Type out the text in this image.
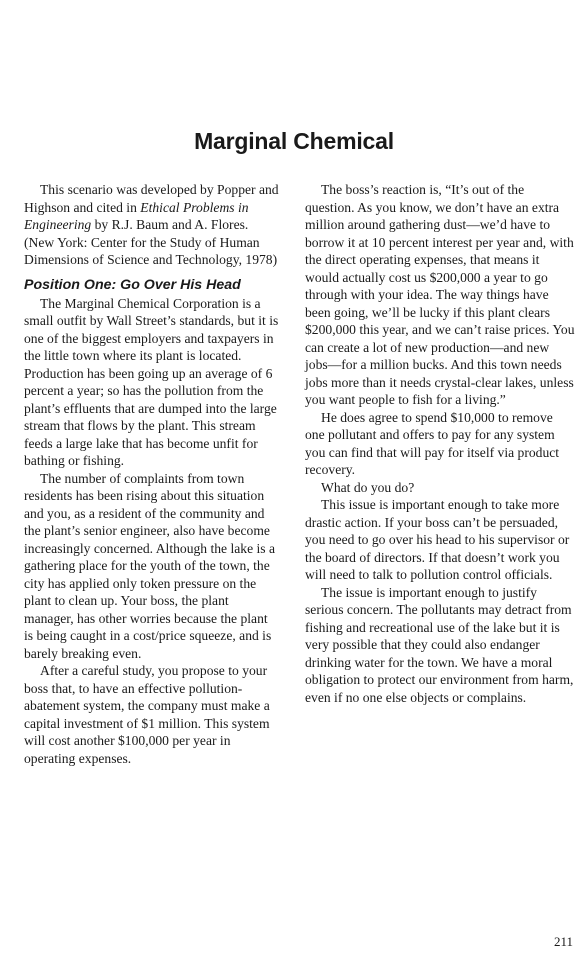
Marginal Chemical

This scenario was developed by Popper and Highson and cited in Ethical Problems in Engineering by R.J. Baum and A. Flores. (New York: Center for the Study of Human Dimensions of Science and Technology, 1978)

Position One: Go Over His Head

The Marginal Chemical Corporation is a small outfit by Wall Street’s standards, but it is one of the biggest employers and taxpayers in the little town where its plant is located. Production has been going up an average of 6 percent a year; so has the pollution from the plant’s effluents that are dumped into the large stream that flows by the plant. This stream feeds a large lake that has become unfit for bathing or fishing.

The number of complaints from town residents has been rising about this situation and you, as a resident of the community and the plant’s senior engineer, also have become increasingly concerned. Although the lake is a gathering place for the youth of the town, the city has applied only token pressure on the plant to clean up. Your boss, the plant manager, has other worries because the plant is being caught in a cost/price squeeze, and is barely breaking even.

After a careful study, you propose to your boss that, to have an effective pollution-abatement system, the company must make a capital investment of $1 million. This system will cost another $100,000 per year in operating expenses.

The boss’s reaction is, “It’s out of the question. As you know, we don’t have an extra million around gathering dust—we’d have to borrow it at 10 percent interest per year and, with the direct operating expenses, that means it would actually cost us $200,000 a year to go through with your idea. The way things have been going, we’ll be lucky if this plant clears $200,000 this year, and we can’t raise prices. You can create a lot of new production—and new jobs—for a million bucks. And this town needs jobs more than it needs crystal-clear lakes, unless you want people to fish for a living.”

He does agree to spend $10,000 to remove one pollutant and offers to pay for any system you can find that will pay for itself via product recovery.

What do you do?

This issue is important enough to take more drastic action. If your boss can’t be persuaded, you need to go over his head to his supervisor or the board of directors. If that doesn’t work you will need to talk to pollution control officials.

The issue is important enough to justify serious concern. The pollutants may detract from fishing and recreational use of the lake but it is very possible that they could also endanger drinking water for the town. We have a moral obligation to protect our environment from harm, even if no one else objects or complains.

211
